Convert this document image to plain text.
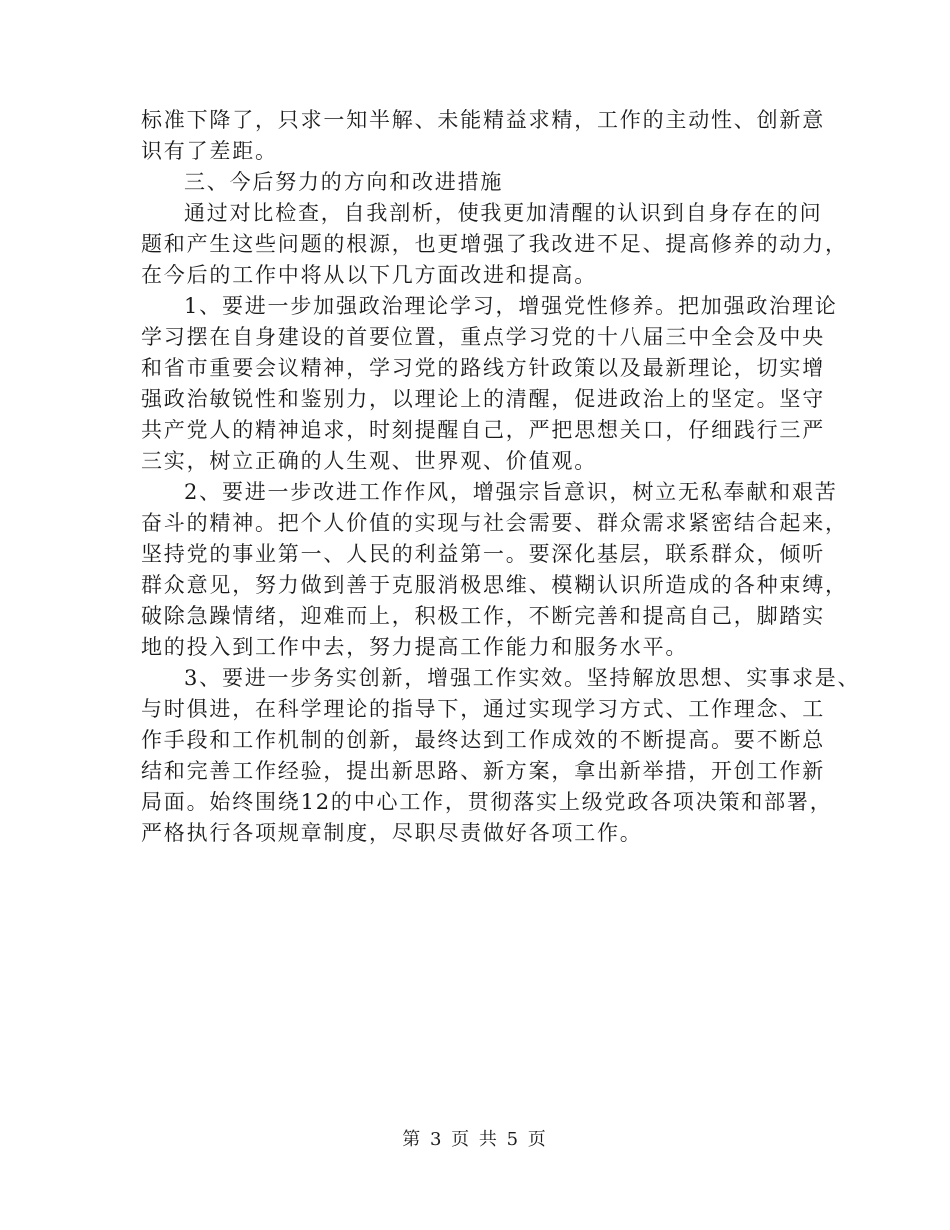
标准下降了，只求一知半解、未能精益求精，工作的主动性、创新意
识有了差距。
三、今后努力的方向和改进措施
通过对比检查，自我剖析，使我更加清醒的认识到自身存在的问
题和产生这些问题的根源，也更增强了我改进不足、提高修养的动力，
在今后的工作中将从以下几方面改进和提高。
1、要进一步加强政治理论学习，增强党性修养。把加强政治理论
学习摆在自身建设的首要位置，重点学习党的十八届三中全会及中央
和省市重要会议精神，学习党的路线方针政策以及最新理论，切实增
强政治敏锐性和鉴别力，以理论上的清醒，促进政治上的坚定。坚守
共产党人的精神追求，时刻提醒自己，严把思想关口，仔细践行三严
三实，树立正确的人生观、世界观、价值观。
2、要进一步改进工作作风，增强宗旨意识，树立无私奉献和艰苦
奋斗的精神。把个人价值的实现与社会需要、群众需求紧密结合起来，
坚持党的事业第一、人民的利益第一。要深化基层，联系群众，倾听
群众意见，努力做到善于克服消极思维、模糊认识所造成的各种束缚，
破除急躁情绪，迎难而上，积极工作，不断完善和提高自己，脚踏实
地的投入到工作中去，努力提高工作能力和服务水平。
3、要进一步务实创新，增强工作实效。坚持解放思想、实事求是、
与时俱进，在科学理论的指导下，通过实现学习方式、工作理念、工
作手段和工作机制的创新，最终达到工作成效的不断提高。要不断总
结和完善工作经验，提出新思路、新方案，拿出新举措，开创工作新
局面。始终围绕12的中心工作，贯彻落实上级党政各项决策和部署，
严格执行各项规章制度，尽职尽责做好各项工作。
第 3 页 共 5 页
